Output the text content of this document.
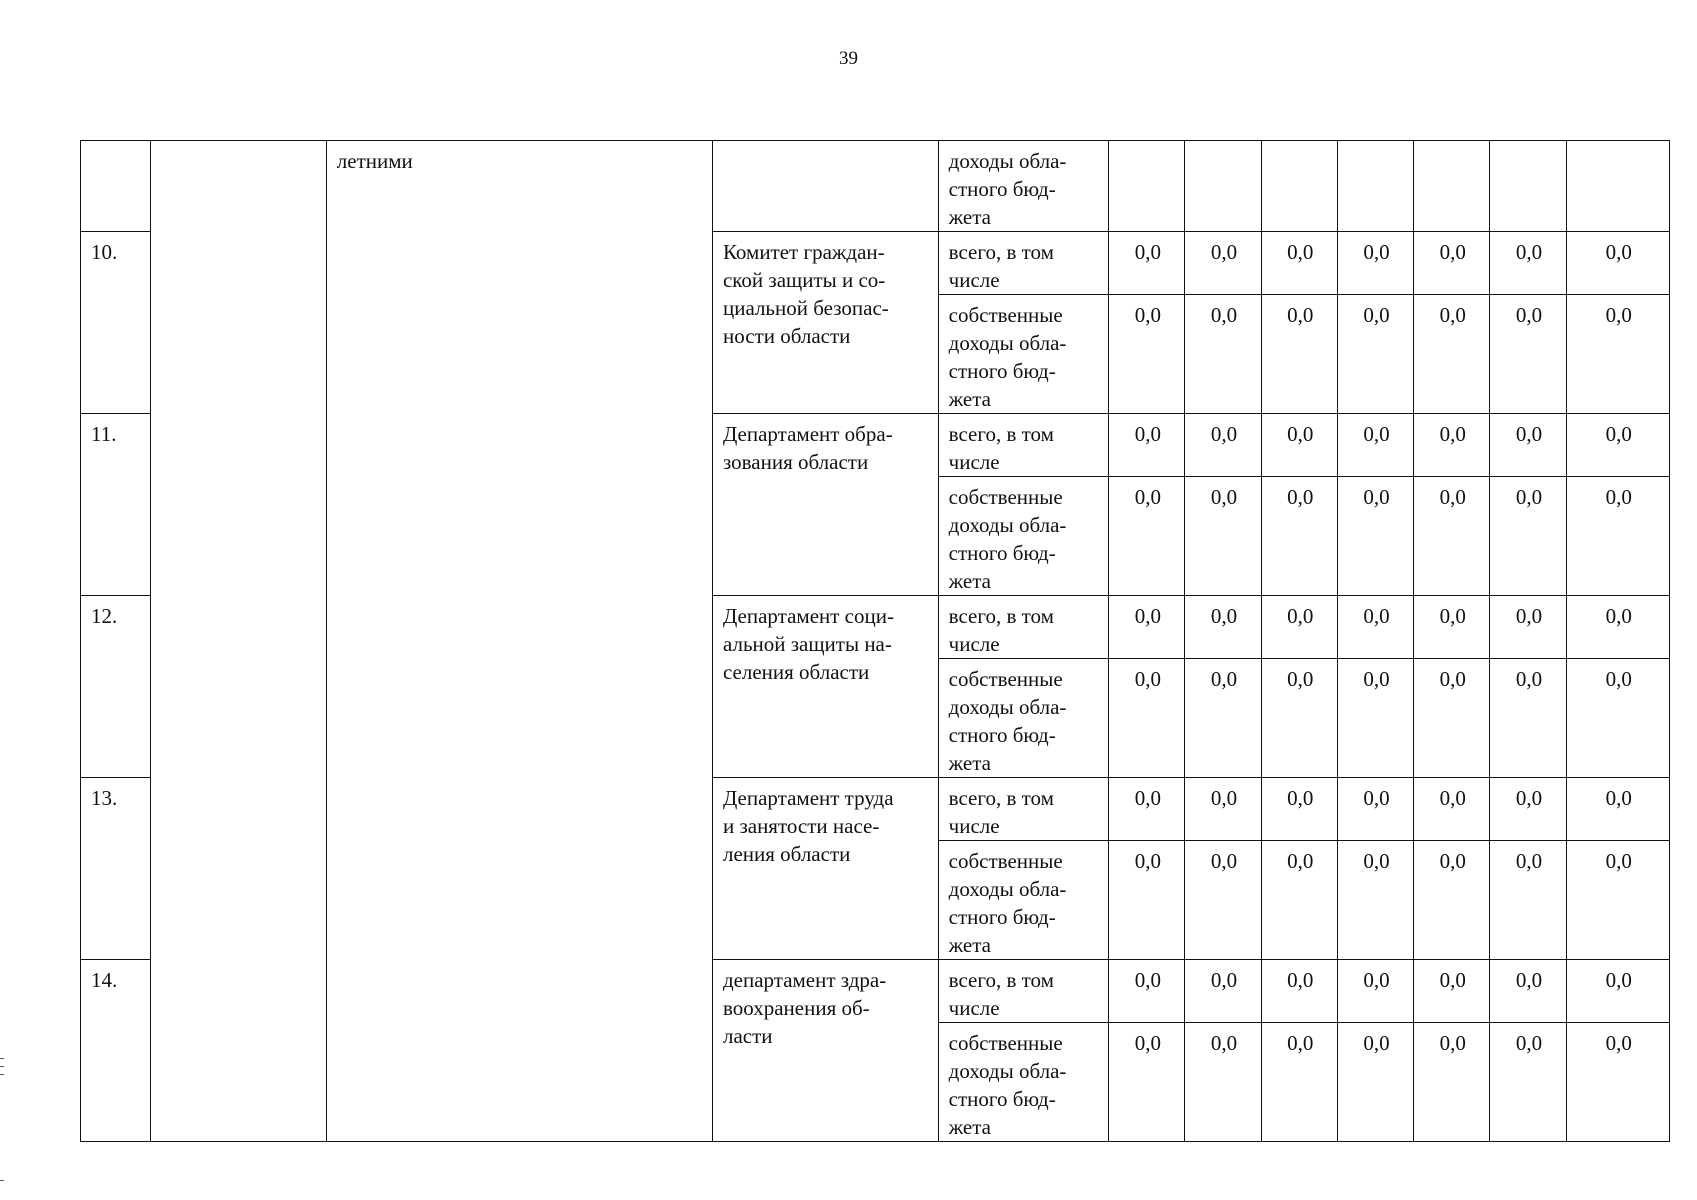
39
		летними		доходы обла-
стного бюд-
жета							

10.			Комитет граждан-
ской защиты и со-
циальной безопас-
ности области	всего, в том
числе	0,0	0,0	0,0	0,0	0,0	0,0	0,0

				собственные
доходы обла-
стного бюд-
жета	0,0	0,0	0,0	0,0	0,0	0,0	0,0
11.			Департамент обра-
зования области	всего, в том
числе	0,0	0,0	0,0	0,0	0,0	0,0	0,0

				собственные
доходы обла-
стного бюд-
жета	0,0	0,0	0,0	0,0	0,0	0,0	0,0
12.			Департамент соци-
альной защиты на-
селения области	всего, в том
числе	0,0	0,0	0,0	0,0	0,0	0,0	0,0

				собственные
доходы обла-
стного бюд-
жета	0,0	0,0	0,0	0,0	0,0	0,0	0,0
13.			Департамент труда
и занятости насе-
ления области	всего, в том
числе	0,0	0,0	0,0	0,0	0,0	0,0	0,0

				собственные
доходы обла-
стного бюд-
жета	0,0	0,0	0,0	0,0	0,0	0,0	0,0
14.			департамент здра-
воохранения об-
ласти	всего, в том
числе	0,0	0,0	0,0	0,0	0,0	0,0	0,0

				собственные
доходы обла-
стного бюд-
жета	0,0	0,0	0,0	0,0	0,0	0,0	0,0
